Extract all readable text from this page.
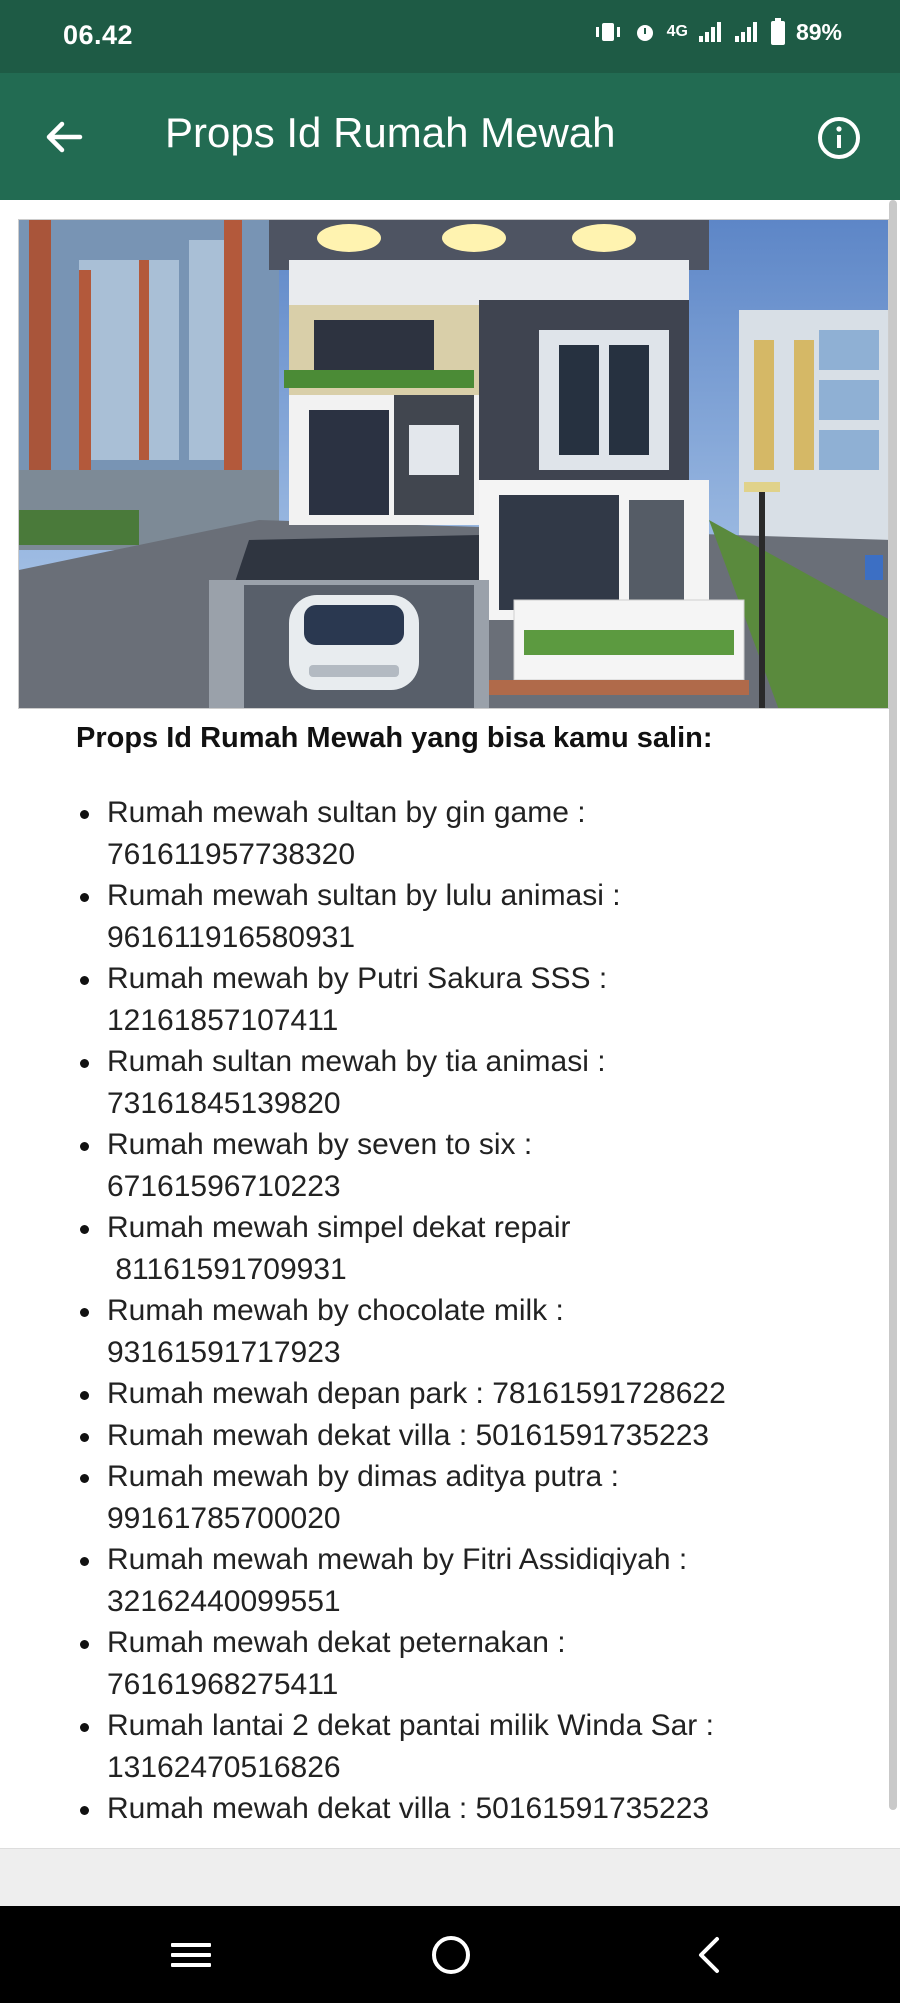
06.42	4G	89%
Props Id Rumah Mewah

Props Id Rumah Mewah yang bisa kamu salin:

Rumah mewah sultan by gin game :
761611957738320
Rumah mewah sultan by lulu animasi :
961611916580931
Rumah mewah by Putri Sakura SSS :
12161857107411
Rumah sultan mewah by tia animasi :
73161845139820
Rumah mewah by seven to six :
67161596710223
Rumah mewah simpel dekat repair
81161591709931
Rumah mewah by chocolate milk :
93161591717923
Rumah mewah depan park : 78161591728622
Rumah mewah dekat villa : 50161591735223
Rumah mewah by dimas aditya putra :
99161785700020
Rumah mewah mewah by Fitri Assidiqiyah :
32162440099551
Rumah mewah dekat peternakan :
76161968275411
Rumah lantai 2 dekat pantai milik Winda Sar :
13162470516826
Rumah mewah dekat villa : 50161591735223
